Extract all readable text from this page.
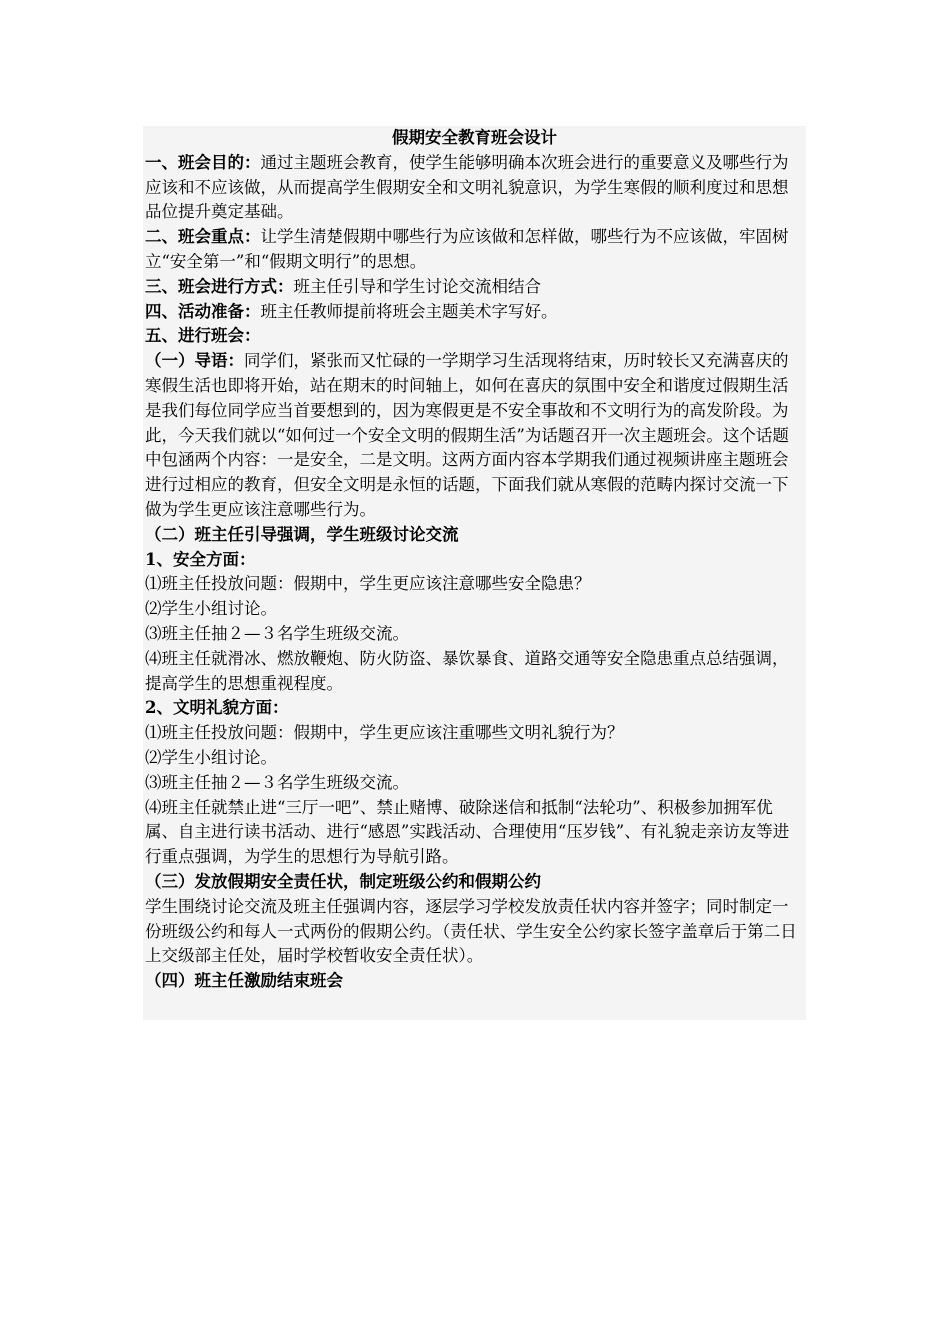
假期安全教育班会设计

一、班会目的：通过主题班会教育，使学生能够明确本次班会进行的重要意义及哪些行为应该和不应该做，从而提高学生假期安全和文明礼貌意识，为学生寒假的顺利度过和思想品位提升奠定基础。

二、班会重点：让学生清楚假期中哪些行为应该做和怎样做，哪些行为不应该做，牢固树立“安全第一”和“假期文明行”的思想。

三、班会进行方式：班主任引导和学生讨论交流相结合

四、活动准备：班主任教师提前将班会主题美术字写好。

五、进行班会：

（一）导语：同学们，紧张而又忙碌的一学期学习生活现将结束，历时较长又充满喜庆的寒假生活也即将开始，站在期末的时间轴上，如何在喜庆的氛围中安全和谐度过假期生活是我们每位同学应当首要想到的，因为寒假更是不安全事故和不文明行为的高发阶段。为此，今天我们就以“如何过一个安全文明的假期生活”为话题召开一次主题班会。这个话题中包涵两个内容：一是安全，二是文明。这两方面内容本学期我们通过视频讲座主题班会进行过相应的教育，但安全文明是永恒的话题，下面我们就从寒假的范畴内探讨交流一下做为学生更应该注意哪些行为。

（二）班主任引导强调，学生班级讨论交流

1、安全方面：

⑴班主任投放问题：假期中，学生更应该注意哪些安全隐患？

⑵学生小组讨论。

⑶班主任抽２—３名学生班级交流。

⑷班主任就滑冰、燃放鞭炮、防火防盗、暴饮暴食、道路交通等安全隐患重点总结强调，提高学生的思想重视程度。

2、文明礼貌方面：

⑴班主任投放问题：假期中，学生更应该注重哪些文明礼貌行为？

⑵学生小组讨论。

⑶班主任抽２—３名学生班级交流。

⑷班主任就禁止进“三厅一吧”、禁止赌博、破除迷信和抵制“法轮功”、积极参加拥军优属、自主进行读书活动、进行“感恩”实践活动、合理使用“压岁钱”、有礼貌走亲访友等进行重点强调，为学生的思想行为导航引路。

（三）发放假期安全责任状，制定班级公约和假期公约

学生围绕讨论交流及班主任强调内容，逐层学习学校发放责任状内容并签字；同时制定一份班级公约和每人一式两份的假期公约。（责任状、学生安全公约家长签字盖章后于第二日上交级部主任处，届时学校暂收安全责任状）。

（四）班主任激励结束班会
